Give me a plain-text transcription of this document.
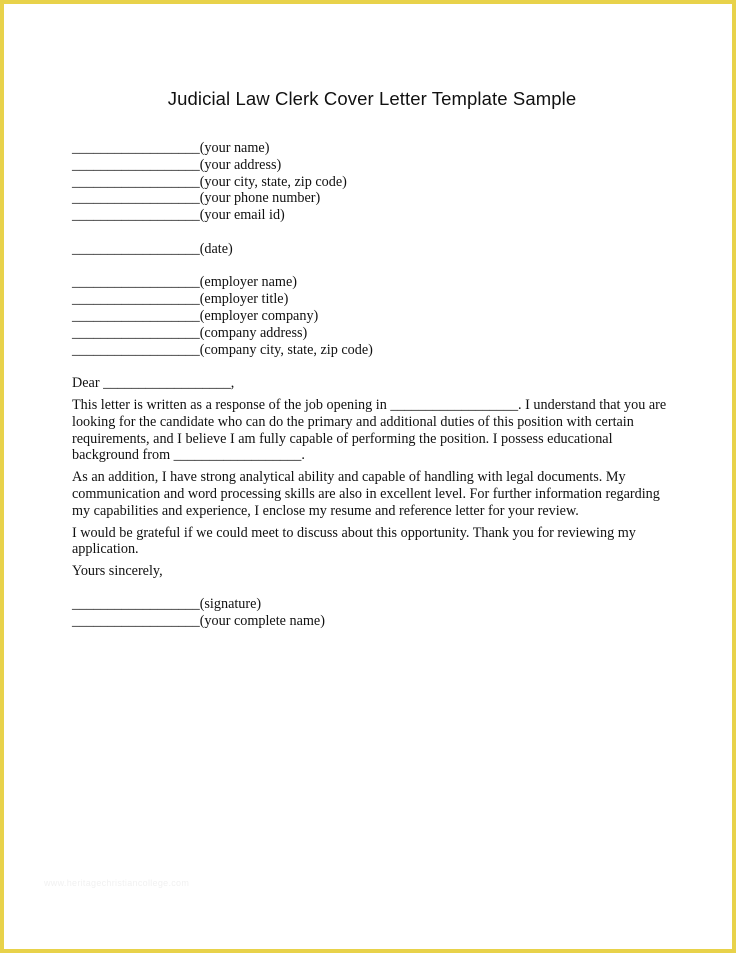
Judicial Law Clerk Cover Letter Template Sample
__________________(your name)
__________________(your address)
__________________(your city, state, zip code)
__________________(your phone number)
__________________(your email id)
__________________(date)
__________________(employer name)
__________________(employer title)
__________________(employer company)
__________________(company address)
__________________(company city, state, zip code)
Dear __________________,

This letter is written as a response of the job opening in __________________. I understand that you are looking for the candidate who can do the primary and additional duties of this position with certain requirements, and I believe I am fully capable of performing the position. I possess educational background from __________________.

As an addition, I have strong analytical ability and capable of handling with legal documents. My communication and word processing skills are also in excellent level. For further information regarding my capabilities and experience, I enclose my resume and reference letter for your review.

I would be grateful if we could meet to discuss about this opportunity. Thank you for reviewing my application.

Yours sincerely,
__________________(signature)
__________________(your complete name)
www.heritagechristiancollege.com
